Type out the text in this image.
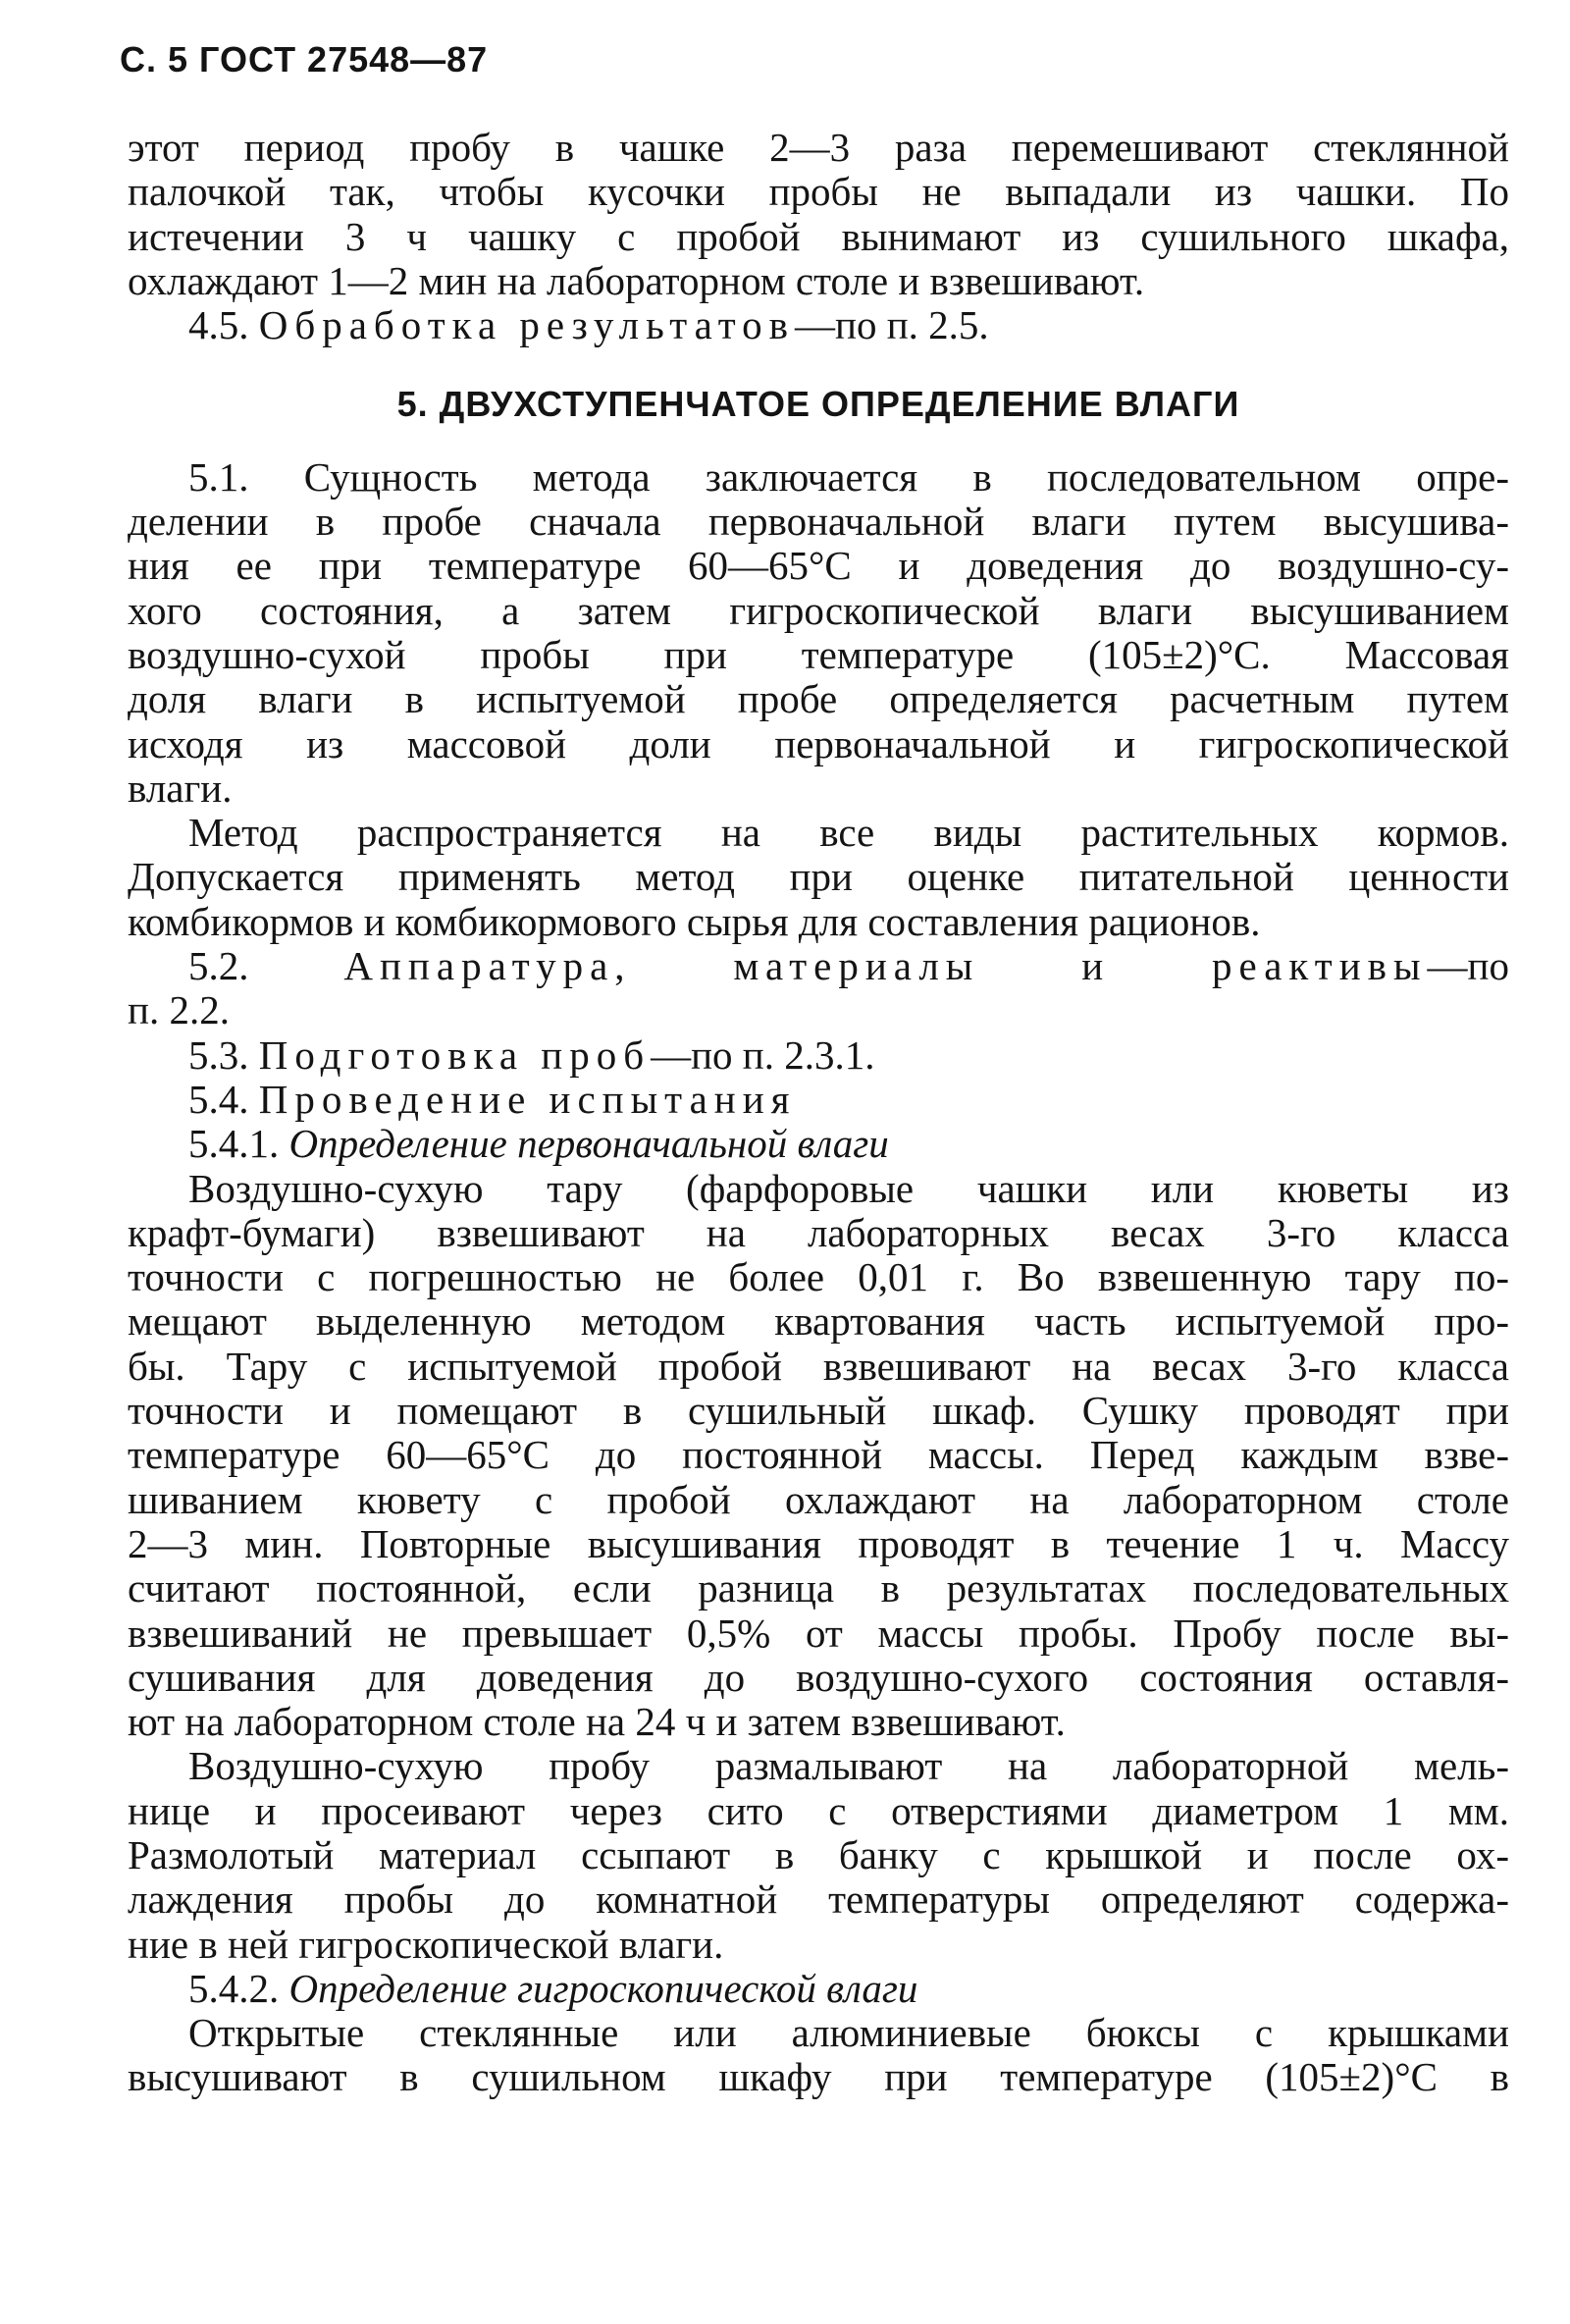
С. 5 ГОСТ 27548—87
этот период пробу в чашке 2—3 раза перемешивают стеклянной
палочкой так, чтобы кусочки пробы не выпадали из чашки. По
истечении 3 ч чашку с пробой вынимают из сушильного шкафа,
охлаждают 1—2 мин на лабораторном столе и взвешивают.
4.5. Обработка результатов—по п. 2.5.
5. ДВУХСТУПЕНЧАТОЕ ОПРЕДЕЛЕНИЕ ВЛАГИ
5.1. Сущность метода заключается в последовательном опре-
делении в пробе сначала первоначальной влаги путем высушива-
ния ее при температуре 60—65°С и доведения до воздушно-су-
хого состояния, а затем гигроскопической влаги высушиванием
воздушно-сухой пробы при температуре (105±2)°С. Массовая
доля влаги в испытуемой пробе определяется расчетным путем
исходя из массовой доли первоначальной и гигроскопической
влаги.
Метод распространяется на все виды растительных кормов.
Допускается применять метод при оценке питательной ценности
комбикормов и комбикормового сырья для составления рационов.
5.2. Аппаратура, материалы и реактивы—по
п. 2.2.
5.3. Подготовка проб—по п. 2.3.1.
5.4. Проведение испытания
5.4.1. Определение первоначальной влаги
Воздушно-сухую тару (фарфоровые чашки или кюветы из
крафт-бумаги) взвешивают на лабораторных весах 3-го класса
точности с погрешностью не более 0,01 г. Во взвешенную тару по-
мещают выделенную методом квартования часть испытуемой про-
бы. Тару с испытуемой пробой взвешивают на весах 3-го класса
точности и помещают в сушильный шкаф. Сушку проводят при
температуре 60—65°С до постоянной массы. Перед каждым взве-
шиванием кювету с пробой охлаждают на лабораторном столе
2—3 мин. Повторные высушивания проводят в течение 1 ч. Массу
считают постоянной, если разница в результатах последовательных
взвешиваний не превышает 0,5% от массы пробы. Пробу после вы-
сушивания для доведения до воздушно-сухого состояния оставля-
ют на лабораторном столе на 24 ч и затем взвешивают.
Воздушно-сухую пробу размалывают на лабораторной мель-
нице и просеивают через сито с отверстиями диаметром 1 мм.
Размолотый материал ссыпают в банку с крышкой и после ох-
лаждения пробы до комнатной температуры определяют содержа-
ние в ней гигроскопической влаги.
5.4.2. Определение гигроскопической влаги
Открытые стеклянные или алюминиевые бюксы с крышками
высушивают в сушильном шкафу при температуре (105±2)°С в
